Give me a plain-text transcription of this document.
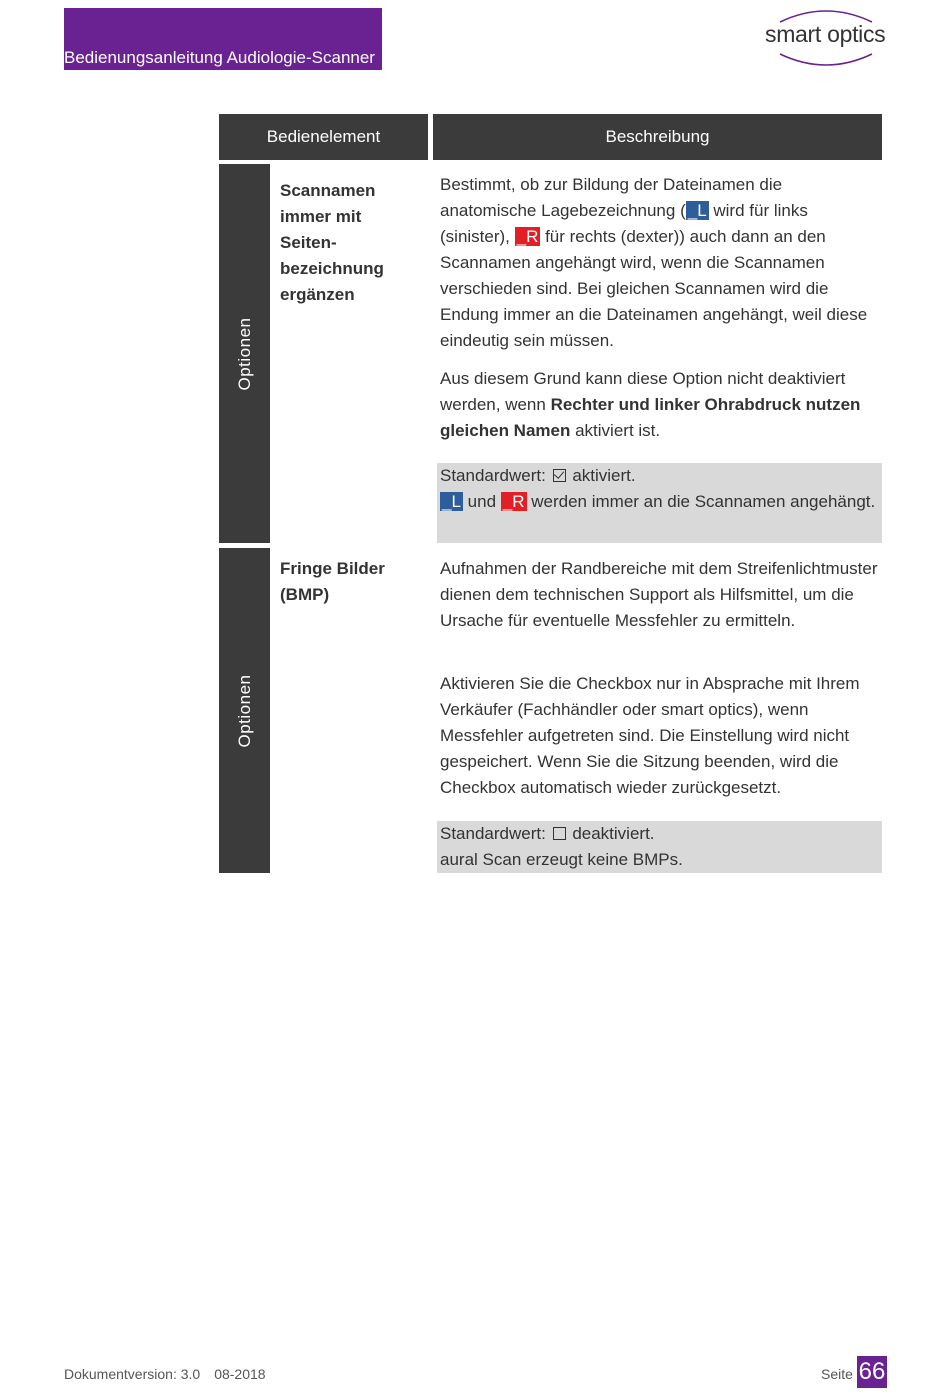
Bedienungsanleitung Audiologie-Scanner
smart optics
Bedienelement	Beschreibung
Optionen
Scannamen
immer mit
Seiten-
bezeichnung
ergänzen

Bestimmt, ob zur Bildung der Dateinamen die anatomische Lagebezeichnung ( _L wird für links (sinister), _R für rechts (dexter)) auch dann an den Scannamen angehängt wird, wenn die Scannamen verschieden sind. Bei gleichen Scannamen wird die Endung immer an die Dateinamen angehängt, weil diese eindeutig sein müssen.

Aus diesem Grund kann diese Option nicht deaktiviert werden, wenn Rechter und linker Ohrabdruck nutzen gleichen Namen aktiviert ist.

Standardwert: aktiviert.
_L und _R werden immer an die Scannamen angehängt.
Optionen
Fringe Bilder
(BMP)

Aufnahmen der Randbereiche mit dem Streifenlichtmuster dienen dem technischen Support als Hilfsmittel, um die Ursache für eventuelle Messfehler zu ermitteln.

Aktivieren Sie die Checkbox nur in Absprache mit Ihrem Verkäufer (Fachhändler oder smart optics), wenn Messfehler aufgetreten sind. Die Einstellung wird nicht gespeichert. Wenn Sie die Sitzung beenden, wird die Checkbox automatisch wieder zurückgesetzt.

Standardwert: deaktiviert.
aural Scan erzeugt keine BMPs.
Dokumentversion: 3.0 08-2018	Seite 66
